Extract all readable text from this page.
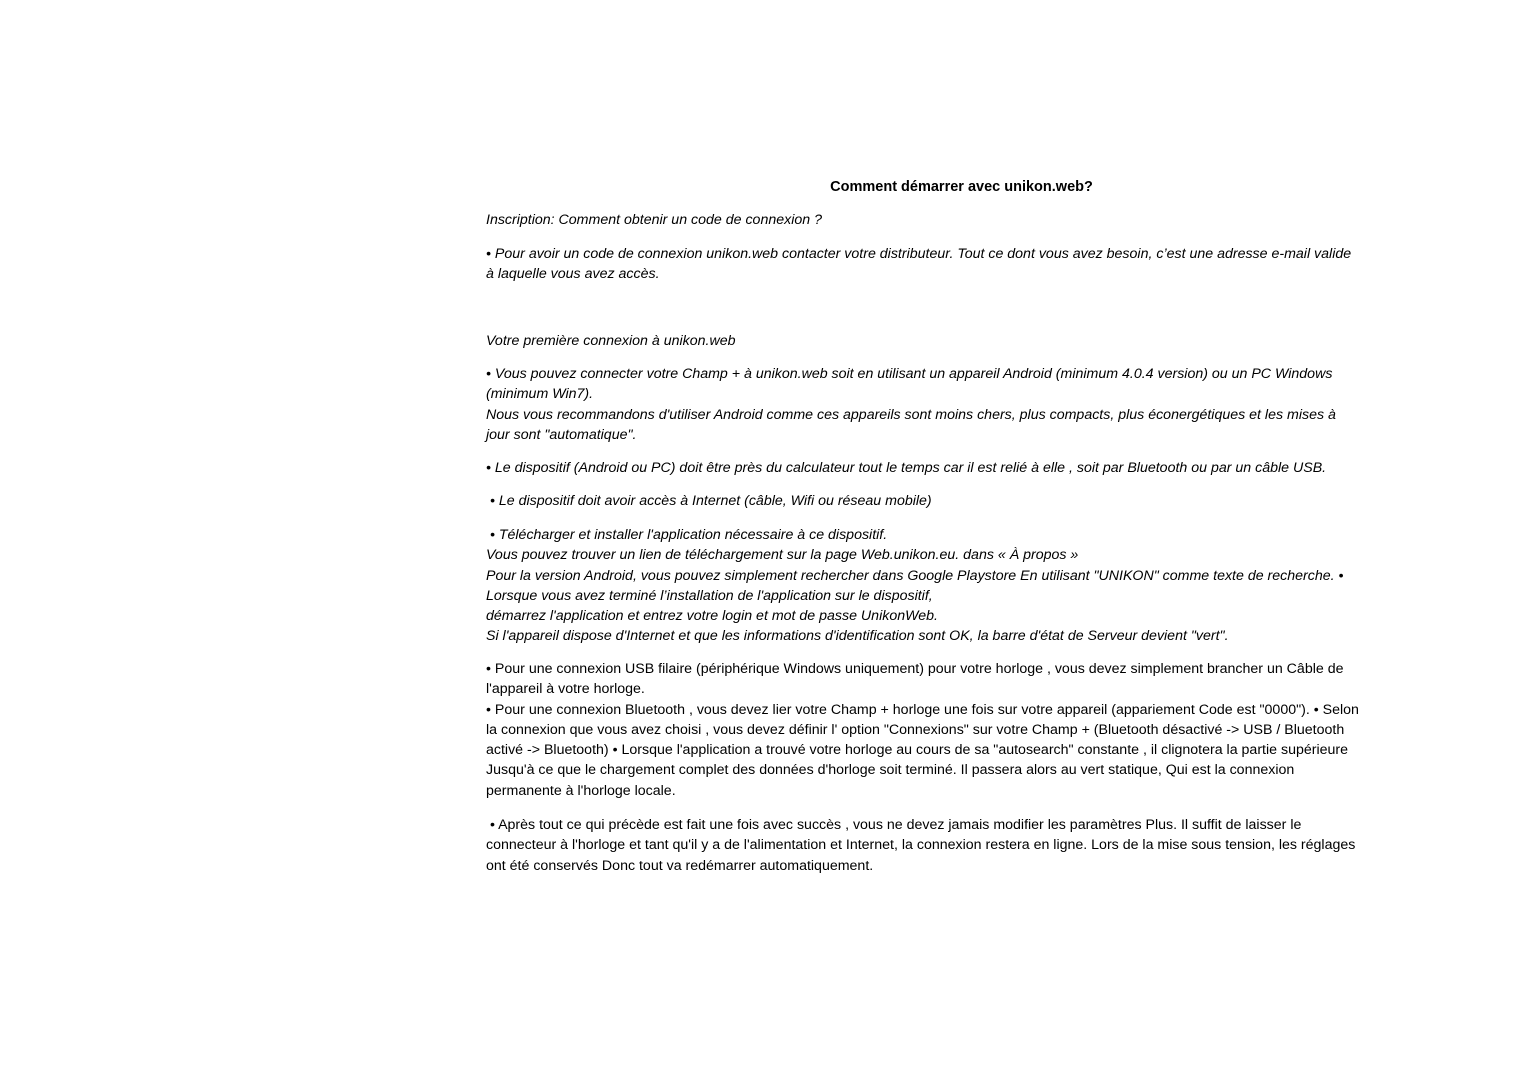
Comment démarrer avec unikon.web?

Inscription: Comment obtenir un code de connexion ?

• Pour avoir un code de connexion unikon.web contacter votre distributeur. Tout ce dont vous avez besoin, c’est une adresse e-mail valide
à laquelle vous avez accès.

Votre première connexion à unikon.web

• Vous pouvez connecter votre Champ + à unikon.web soit en utilisant un appareil Android (minimum 4.0.4 version) ou un PC Windows
(minimum Win7).
Nous vous recommandons d'utiliser Android comme ces appareils sont moins chers, plus compacts, plus éconergétiques et les mises à
jour sont "automatique".

• Le dispositif (Android ou PC) doit être près du calculateur tout le temps car il est relié à elle , soit par Bluetooth ou par un câble USB.

• Le dispositif doit avoir accès à Internet (câble, Wifi ou réseau mobile)

• Télécharger et installer l'application nécessaire à ce dispositif.
Vous pouvez trouver un lien de téléchargement sur la page Web.unikon.eu. dans « À propos »
Pour la version Android, vous pouvez simplement rechercher dans Google Playstore En utilisant "UNIKON" comme texte de recherche. •
Lorsque vous avez terminé l’installation de l'application sur le dispositif,
démarrez l'application et entrez votre login et mot de passe UnikonWeb.
Si l'appareil dispose d'Internet et que les informations d'identification sont OK, la barre d'état de Serveur devient "vert".

• Pour une connexion USB filaire (périphérique Windows uniquement) pour votre horloge , vous devez simplement brancher un Câble de
l'appareil à votre horloge.
• Pour une connexion Bluetooth , vous devez lier votre Champ + horloge une fois sur votre appareil (appariement Code est "0000"). • Selon
la connexion que vous avez choisi , vous devez définir l' option "Connexions" sur votre Champ + (Bluetooth désactivé -> USB / Bluetooth
activé -> Bluetooth) • Lorsque l'application a trouvé votre horloge au cours de sa "autosearch" constante , il clignotera la partie supérieure
Jusqu'à ce que le chargement complet des données d'horloge soit terminé. Il passera alors au vert statique, Qui est la connexion
permanente à l'horloge locale.

• Après tout ce qui précède est fait une fois avec succès , vous ne devez jamais modifier les paramètres Plus. Il suffit de laisser le
connecteur à l'horloge et tant qu'il y a de l'alimentation et Internet, la connexion restera en ligne. Lors de la mise sous tension, les réglages
ont été conservés Donc tout va redémarrer automatiquement.
